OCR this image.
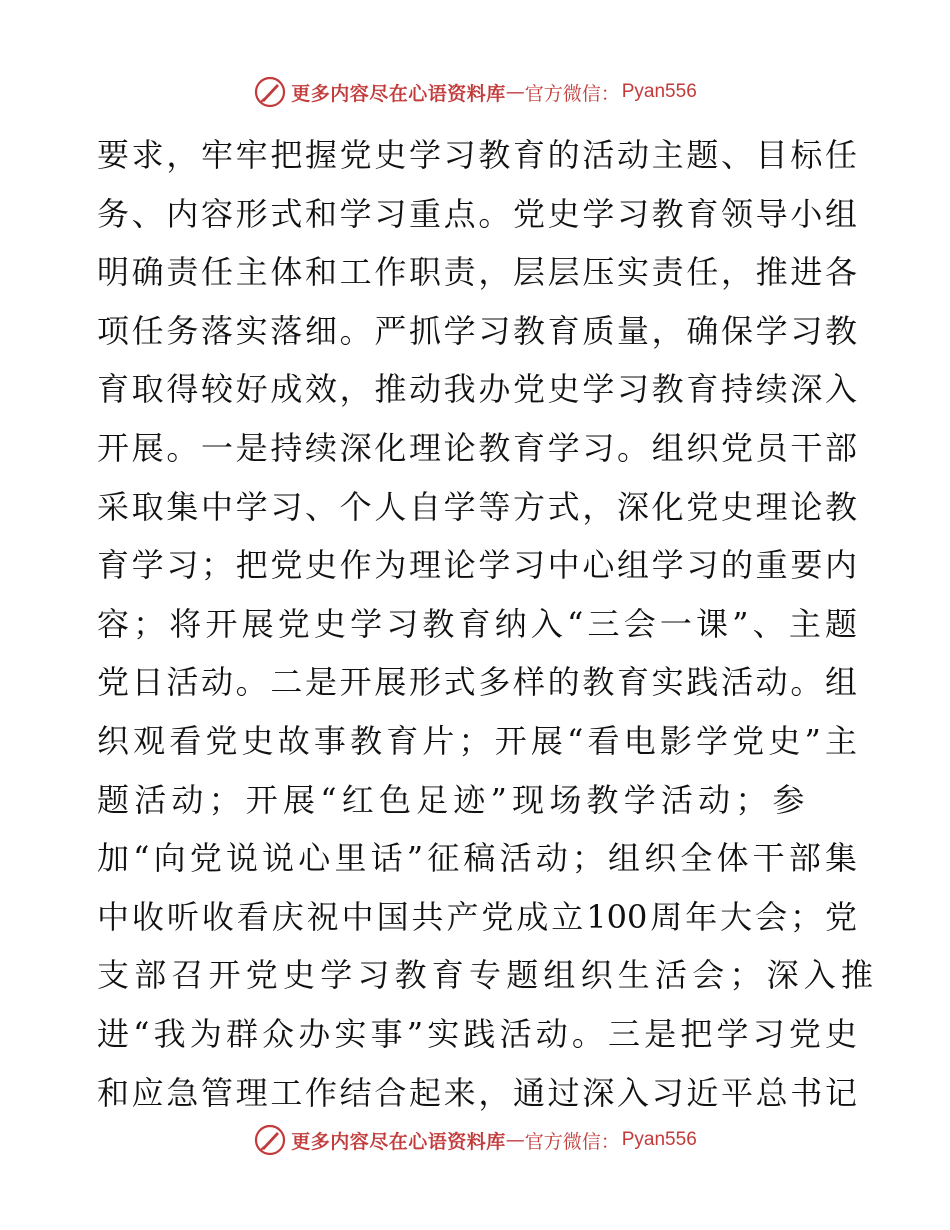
更多内容尽在心语资料库 — 官方微信： Pyan556
要求，牢牢把握党史学习教育的活动主题、目标任
务、内容形式和学习重点。党史学习教育领导小组
明确责任主体和工作职责，层层压实责任，推进各
项任务落实落细。严抓学习教育质量，确保学习教
育取得较好成效，推动我办党史学习教育持续深入
开展。一是持续深化理论教育学习。组织党员干部
采取集中学习、个人自学等方式，深化党史理论教
育学习；把党史作为理论学习中心组学习的重要内
容；将开展党史学习教育纳入“三会一课”、主题
党日活动。二是开展形式多样的教育实践活动。组
织观看党史故事教育片；开展“看电影学党史”主
题活动；开展“红色足迹”现场教学活动；参
加“向党说说心里话”征稿活动；组织全体干部集
中收听收看庆祝中国共产党成立100周年大会；党
支部召开党史学习教育专题组织生活会；深入推
进“我为群众办实事”实践活动。三是把学习党史
和应急管理工作结合起来，通过深入习近平总书记
更多内容尽在心语资料库 — 官方微信： Pyan556
